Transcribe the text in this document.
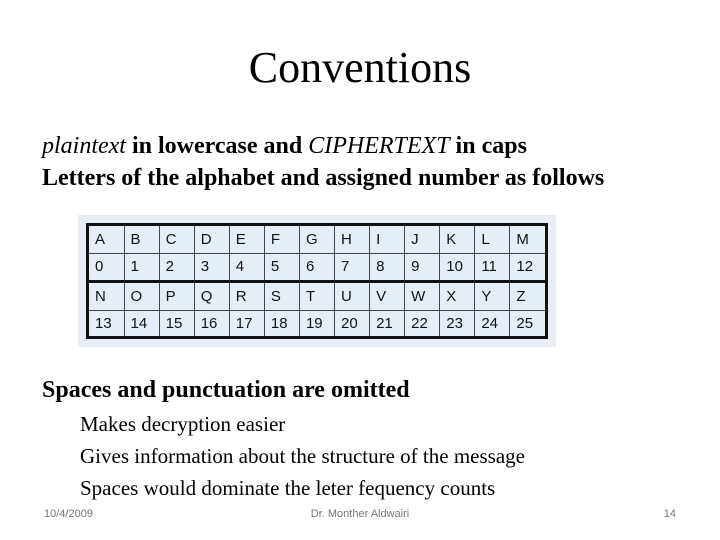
Conventions
plaintext in lowercase and CIPHERTEXT in caps
Letters of the alphabet and assigned number as follows
A	B	C	D	E	F	G	H	I	J	K	L	M
0	1	2	3	4	5	6	7	8	9	10	11	12
N	O	P	Q	R	S	T	U	V	W	X	Y	Z
13	14	15	16	17	18	19	20	21	22	23	24	25
Spaces and punctuation are omitted
Makes decryption easier
Gives information about the structure of the message
Spaces would dominate the leter fequency counts
10/4/2009	Dr. Monther Aldwairi	14
